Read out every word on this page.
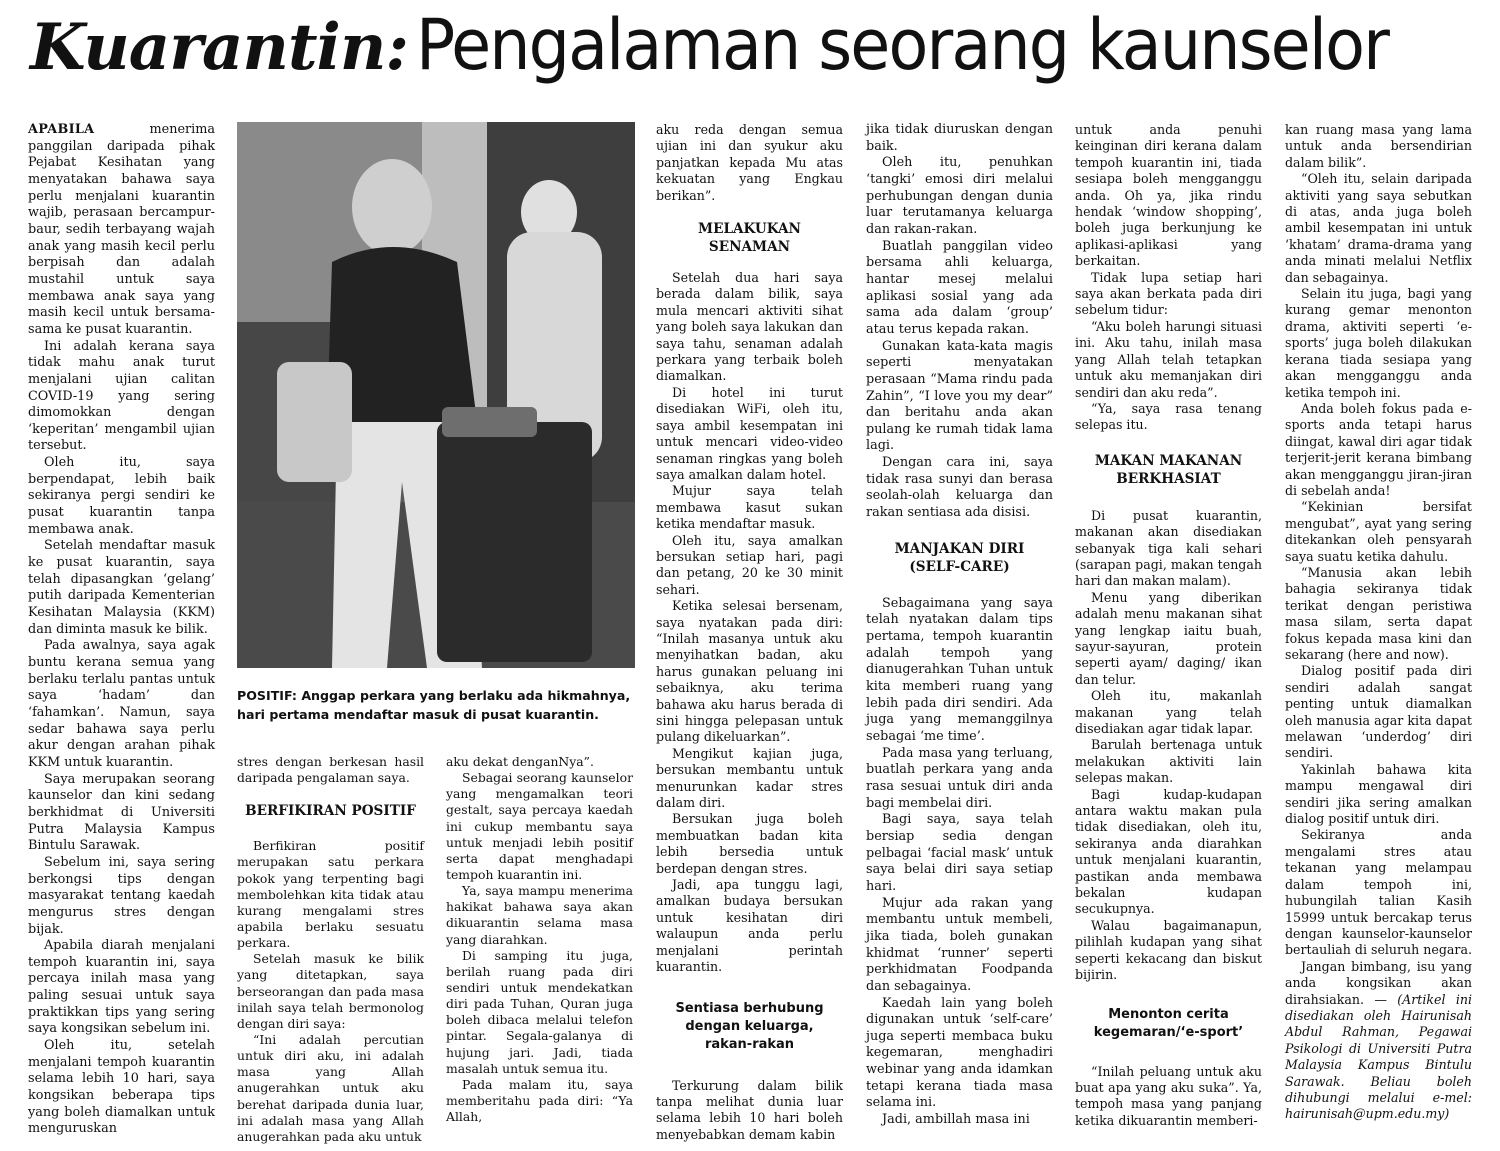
Kuarantin: Pengalaman seorang kaunselor

APABILA	menerima panggilan daripada pihak Pejabat Kesihatan yang menyatakan bahawa saya perlu menjalani kuarantin wajib, perasaan bercampur-baur, sedih terbayang wajah anak yang masih kecil perlu berpisah dan adalah mustahil untuk saya membawa anak saya yang masih kecil untuk bersama-sama ke pusat kuarantin.

Ini adalah kerana saya tidak mahu anak turut menjalani ujian calitan COVID-19 yang sering dimomokkan dengan ‘keperitan’ mengambil ujian tersebut.

Oleh itu, saya berpendapat, lebih baik sekiranya pergi sendiri ke pusat kuarantin tanpa membawa anak.

Setelah mendaftar masuk ke pusat kuarantin, saya telah dipasangkan ‘gelang’ putih daripada Kementerian Kesihatan Malaysia (KKM) dan diminta masuk ke bilik.

Pada awalnya, saya agak buntu kerana semua yang berlaku terlalu pantas untuk saya ‘hadam’ dan ‘fahamkan’. Namun, saya sedar bahawa saya perlu akur dengan arahan pihak KKM untuk kuarantin.

Saya merupakan seorang kaunselor dan kini sedang berkhidmat di Universiti Putra Malaysia Kampus Bintulu Sarawak.

Sebelum ini, saya sering berkongsi tips dengan masyarakat tentang kaedah mengurus stres dengan bijak.

Apabila diarah menjalani tempoh kuarantin ini, saya percaya inilah masa yang paling sesuai untuk saya praktikkan tips yang sering saya kongsikan sebelum ini.

Oleh itu, setelah menjalani tempoh kuarantin selama lebih 10 hari, saya kongsikan beberapa tips yang boleh diamalkan untuk menguruskan

POSITIF: Anggap perkara yang berlaku ada hikmahnya, hari pertama mendaftar masuk di pusat kuarantin.

stres dengan berkesan hasil daripada pengalaman saya.

BERFIKIRAN POSITIF

Berfikiran positif merupakan satu perkara pokok yang terpenting bagi membolehkan kita tidak atau kurang mengalami stres apabila berlaku sesuatu perkara.

Setelah masuk ke bilik yang ditetapkan, saya berseorangan dan pada masa inilah saya telah bermonolog dengan diri saya:

“Ini adalah percutian untuk diri aku, ini adalah masa yang Allah anugerahkan untuk aku berehat daripada dunia luar, ini adalah masa yang Allah anugerahkan pada aku untuk

aku dekat denganNya”.

Sebagai seorang kaunselor yang mengamalkan teori gestalt, saya percaya kaedah ini cukup membantu saya untuk menjadi lebih positif serta dapat menghadapi tempoh kuarantin ini.

Ya, saya mampu menerima hakikat bahawa saya akan dikuarantin selama masa yang diarahkan.

Di samping itu juga, berilah ruang pada diri sendiri untuk mendekatkan diri pada Tuhan, Quran juga boleh dibaca melalui telefon pintar. Segala-galanya di hujung jari. Jadi, tiada masalah untuk semua itu.

Pada malam itu, saya memberitahu pada diri: “Ya Allah,

aku reda dengan semua ujian ini dan syukur aku panjatkan kepada Mu atas kekuatan yang Engkau berikan”.

MELAKUKAN
SENAMAN

Setelah dua hari saya berada dalam bilik, saya mula mencari aktiviti sihat yang boleh saya lakukan dan saya tahu, senaman adalah perkara yang terbaik boleh diamalkan.

Di hotel ini turut disediakan WiFi, oleh itu, saya ambil kesempatan ini untuk mencari video-video senaman ringkas yang boleh saya amalkan dalam hotel.

Mujur saya telah membawa kasut sukan ketika mendaftar masuk.

Oleh itu, saya amalkan bersukan setiap hari, pagi dan petang, 20 ke 30 minit sehari.

Ketika selesai bersenam, saya nyatakan pada diri: “Inilah masanya untuk aku menyihatkan badan, aku harus gunakan peluang ini sebaiknya, aku terima bahawa aku harus berada di sini hingga pelepasan untuk pulang dikeluarkan”.

Mengikut kajian juga, bersukan membantu untuk menurunkan kadar stres dalam diri.

Bersukan juga boleh membuatkan badan kita lebih bersedia untuk berdepan dengan stres.

Jadi, apa tunggu lagi, amalkan budaya bersukan untuk kesihatan diri walaupun anda perlu menjalani perintah kuarantin.

Sentiasa berhubung
dengan keluarga,
rakan-rakan

Terkurung dalam bilik tanpa melihat dunia luar selama lebih 10 hari boleh menyebabkan demam kabin

jika tidak diuruskan dengan baik.

Oleh itu, penuhkan ‘tangki’ emosi diri melalui perhubungan dengan dunia luar terutamanya keluarga dan rakan-rakan.

Buatlah panggilan video bersama ahli keluarga, hantar mesej melalui aplikasi sosial yang ada sama ada dalam ‘group’ atau terus kepada rakan.

Gunakan kata-kata magis seperti menyatakan perasaan “Mama rindu pada Zahin”, “I love you my dear” dan beritahu anda akan pulang ke rumah tidak lama lagi.

Dengan cara ini, saya tidak rasa sunyi dan berasa seolah-olah keluarga dan rakan sentiasa ada disisi.

MANJAKAN DIRI
(SELF-CARE)

Sebagaimana yang saya telah nyatakan dalam tips pertama, tempoh kuarantin adalah tempoh yang dianugerahkan Tuhan untuk kita memberi ruang yang lebih pada diri sendiri. Ada juga yang memanggilnya sebagai ‘me time’.

Pada masa yang terluang, buatlah perkara yang anda rasa sesuai untuk diri anda bagi membelai diri.

Bagi saya, saya telah bersiap sedia dengan pelbagai ‘facial mask’ untuk saya belai diri saya setiap hari.

Mujur ada rakan yang membantu untuk membeli, jika tiada, boleh gunakan khidmat ‘runner’ seperti perkhidmatan Foodpanda dan sebagainya.

Kaedah lain yang boleh digunakan untuk ‘self-care’ juga seperti membaca buku kegemaran, menghadiri webinar yang anda idamkan tetapi kerana tiada masa selama ini.

Jadi, ambillah masa ini

untuk anda penuhi keinginan diri kerana dalam tempoh kuarantin ini, tiada sesiapa boleh mengganggu anda. Oh ya, jika rindu hendak ‘window shopping’, boleh juga berkunjung ke aplikasi-aplikasi yang berkaitan.

Tidak lupa setiap hari saya akan berkata pada diri sebelum tidur:

“Aku boleh harungi situasi ini. Aku tahu, inilah masa yang Allah telah tetapkan untuk aku memanjakan diri sendiri dan aku reda”.

“Ya, saya rasa tenang selepas itu.

MAKAN MAKANAN
BERKHASIAT

Di pusat kuarantin, makanan akan disediakan sebanyak tiga kali sehari (sarapan pagi, makan tengah hari dan makan malam).

Menu yang diberikan adalah menu makanan sihat yang lengkap iaitu buah, sayur-sayuran, protein seperti ayam/ daging/ ikan dan telur.

Oleh itu, makanlah makanan yang telah disediakan agar tidak lapar.

Barulah bertenaga untuk melakukan aktiviti lain selepas makan.

Bagi kudap-kudapan antara waktu makan pula tidak disediakan, oleh itu, sekiranya anda diarahkan untuk menjalani kuarantin, pastikan anda membawa bekalan kudapan secukupnya.

Walau bagaimanapun, pilihlah kudapan yang sihat seperti kekacang dan biskut bijirin.

Menonton cerita
kegemaran/‘e-sport’

“Inilah peluang untuk aku buat apa yang aku suka”. Ya, tempoh masa yang panjang ketika dikuarantin memberi-

kan ruang masa yang lama untuk anda bersendirian dalam bilik”.

“Oleh itu, selain daripada aktiviti yang saya sebutkan di atas, anda juga boleh ambil kesempatan ini untuk ‘khatam’ drama-drama yang anda minati melalui Netflix dan sebagainya.

Selain itu juga, bagi yang kurang gemar menonton drama, aktiviti seperti ‘e-sports’ juga boleh dilakukan kerana tiada sesiapa yang akan mengganggu anda ketika tempoh ini.

Anda boleh fokus pada e-sports anda tetapi harus diingat, kawal diri agar tidak terjerit-jerit kerana bimbang akan mengganggu jiran-jiran di sebelah anda!

“Kekinian bersifat mengubat”, ayat yang sering ditekankan oleh pensyarah saya suatu ketika dahulu.

“Manusia akan lebih bahagia sekiranya tidak terikat dengan peristiwa masa silam, serta dapat fokus kepada masa kini dan sekarang (here and now).

Dialog positif pada diri sendiri adalah sangat penting untuk diamalkan oleh manusia agar kita dapat melawan ‘underdog’ diri sendiri.

Yakinlah bahawa kita mampu mengawal diri sendiri jika sering amalkan dialog positif untuk diri.

Sekiranya anda mengalami stres atau tekanan yang melampau dalam tempoh ini, hubungilah talian Kasih 15999 untuk bercakap terus dengan kaunselor-kaunselor bertauliah di seluruh negara.

Jangan bimbang, isu yang anda kongsikan akan dirahsiakan. — (Artikel ini disediakan oleh Hairunisah Abdul Rahman, Pegawai Psikologi di Universiti Putra Malaysia Kampus Bintulu Sarawak. Beliau boleh dihubungi melalui e-mel: hairunisah@upm.edu.my)
